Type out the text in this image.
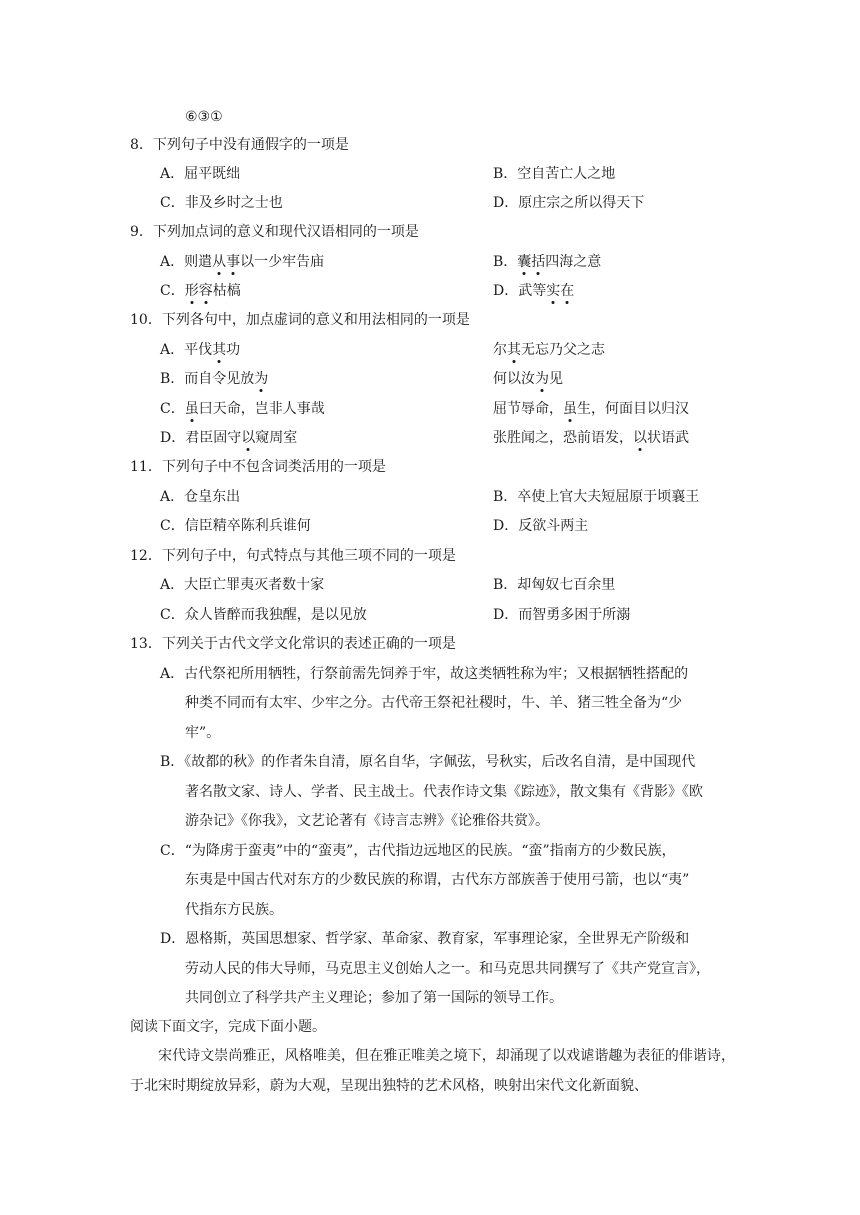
⑥③①
8．下列句子中没有通假字的一项是
A．屈平既绌	B．空自苦亡人之地
C．非及乡时之士也	D．原庄宗之所以得天下
9．下列加点词的意义和现代汉语相同的一项是
A．则遣从事以一少牢告庙	B．囊括四海之意
C．形容枯槁	D．武等实在
10．下列各句中，加点虚词的意义和用法相同的一项是
A．平伐其功	尔其无忘乃父之志
B．而自令见放为	何以汝为见
C．虽曰天命，岂非人事哉	屈节辱命，虽生，何面目以归汉
D．君臣固守以窥周室	张胜闻之，恐前语发，以状语武
11．下列句子中不包含词类活用的一项是
A．仓皇东出	B．卒使上官大夫短屈原于顷襄王
C．信臣精卒陈利兵谁何	D．反欲斗两主
12．下列句子中，句式特点与其他三项不同的一项是
A．大臣亡罪夷灭者数十家	B．却匈奴七百余里
C．众人皆醉而我独醒，是以见放	D．而智勇多困于所溺
13．下列关于古代文学文化常识的表述正确的一项是
A．古代祭祀所用牺牲，行祭前需先饲养于牢，故这类牺牲称为牢；又根据牺牲搭配的
种类不同而有太牢、少牢之分。古代帝王祭祀社稷时，牛、羊、猪三牲全备为“少
牢”。
B．《故都的秋》的作者朱自清，原名自华，字佩弦，号秋实，后改名自清，是中国现代
著名散文家、诗人、学者、民主战士。代表作诗文集《踪迹》，散文集有《背影》《欧
游杂记》《你我》，文艺论著有《诗言志辨》《论雅俗共赏》。
C．“为降虏于蛮夷”中的“蛮夷”，古代指边远地区的民族。“蛮”指南方的少数民族，
东夷是中国古代对东方的少数民族的称谓，古代东方部族善于使用弓箭，也以“夷”
代指东方民族。
D．恩格斯，英国思想家、哲学家、革命家、教育家，军事理论家，全世界无产阶级和
劳动人民的伟大导师，马克思主义创始人之一。和马克思共同撰写了《共产党宣言》，
共同创立了科学共产主义理论；参加了第一国际的领导工作。
阅读下面文字，完成下面小题。
宋代诗文崇尚雅正，风格唯美，但在雅正唯美之境下，却涌现了以戏谑谐趣为表征的俳谐诗，于北宋时期绽放异彩，蔚为大观，呈现出独特的艺术风格，映射出宋代文化新面貌、
